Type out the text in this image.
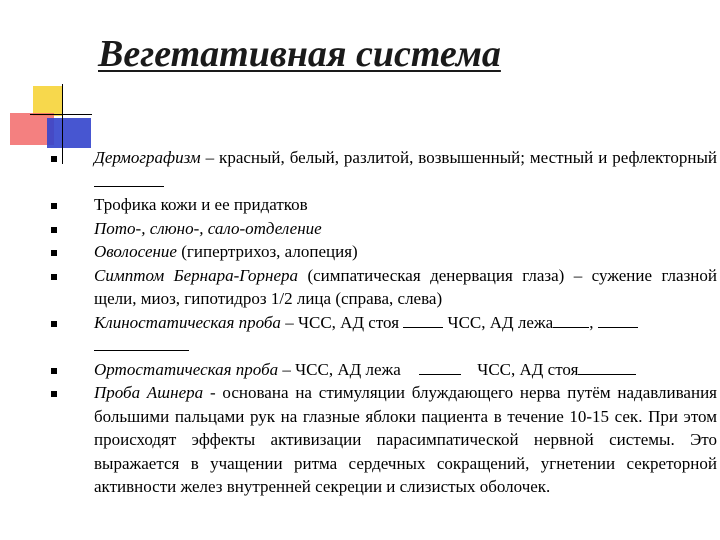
Вегетативная система
Дермографизм – красный, белый, разлитой, возвышенный; местный и рефлекторный
Трофика кожи и ее придатков
Пото-, слюно-, сало-отделение
Оволосение (гипертрихоз, алопеция)
Симптом Бернара-Горнера (симпатическая денервация глаза) – сужение глазной щели, миоз, гипотидроз 1/2 лица (справа, слева)
Клиностатическая проба – ЧСС, АД стоя  ЧСС, АД лежа ,

Ортостатическая проба – ЧСС, АД лежа	ЧСС, АД стоя
Проба Ашнера - основана на стимуляции блуждающего нерва путём надавливания большими пальцами рук на глазные яблоки пациента в течение 10-15 сек. При этом происходят эффекты активизации парасимпатической нервной системы. Это выражается в учащении ритма сердечных сокращений, угнетении секреторной активности желез внутренней секреции и слизистых оболочек.
